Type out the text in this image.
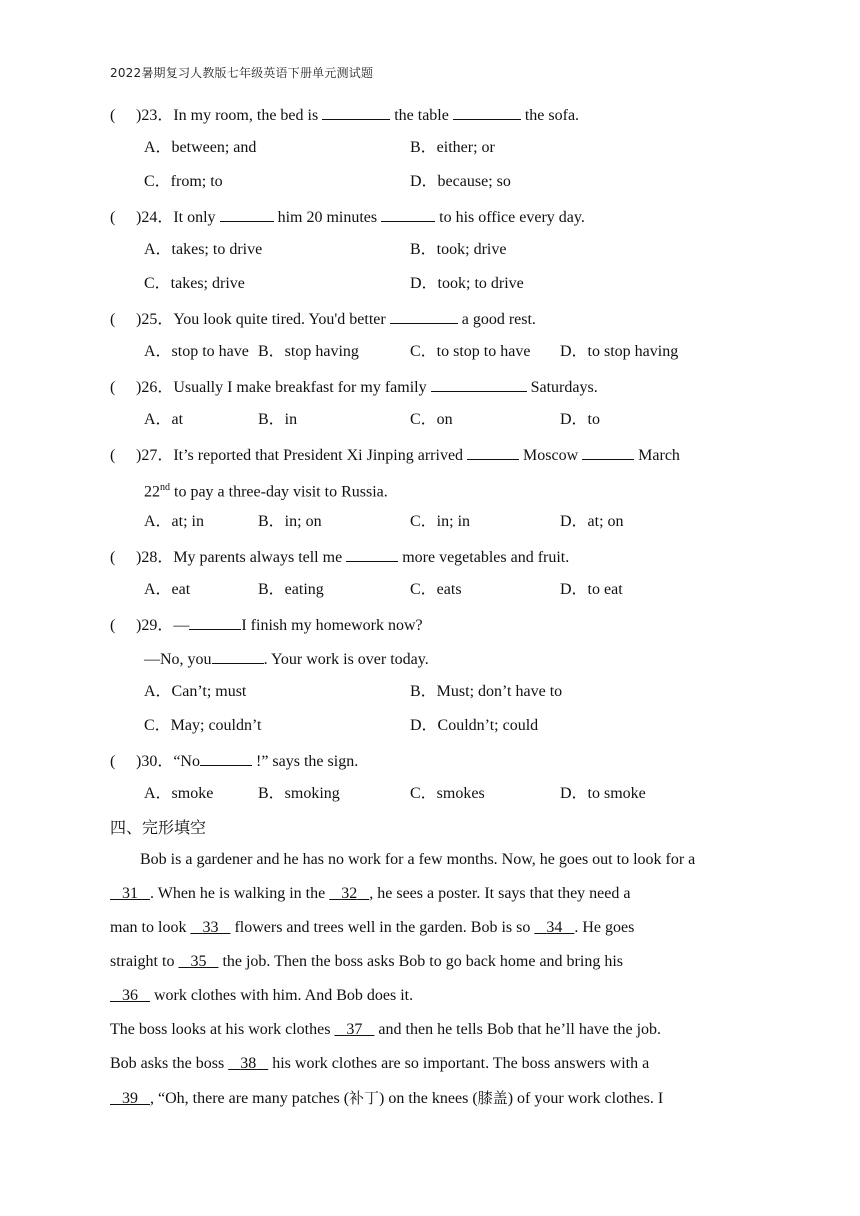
2022暑期复习人教版七年级英语下册单元测试题
( )23．In my room, the bed is	the table	the sofa.
A．between; and	B．either; or
C．from; to	D．because; so
( )24．It only	him 20 minutes	to his office every day.
A．takes; to drive	B．took; drive
C．takes; drive	D．took; to drive
( )25．You look quite tired. You'd better	a good rest.
A．stop to have B．stop having	C．to stop to have D．to stop having
( )26．Usually I make breakfast for my family	Saturdays.
A．at	B．in	C．on	D．to
( )27．It’s reported that President Xi Jinping arrived	Moscow	March
22nd to pay a three-day visit to Russia.
A．at; in	B．in; on	C．in; in	D．at; on
( )28．My parents always tell me	more vegetables and fruit.
A．eat	B．eating	C．eats	D．to eat
( )29．—	I finish my homework now?
—No, you	. Your work is over today.
A．Can’t; must	B．Must; don’t have to
C．May; couldn’t	D．Couldn’t; could
( )30．“No	!” says the sign.
A．smoke	B．smoking	C．smokes	D．to smoke
四、完形填空
Bob is a gardener and he has no work for a few months. Now, he goes out to look for a
31 . When he is walking in the 32 , he sees a poster. It says that they need a
man to look 33 flowers and trees well in the garden. Bob is so 34 . He goes
straight to 35 the job. Then the boss asks Bob to go back home and bring his
36 work clothes with him. And Bob does it.
The boss looks at his work clothes 37 and then he tells Bob that he’ll have the job.
Bob asks the boss 38 his work clothes are so important. The boss answers with a
39 , “Oh, there are many patches (补丁) on the knees (膝盖) of your work clothes. I
